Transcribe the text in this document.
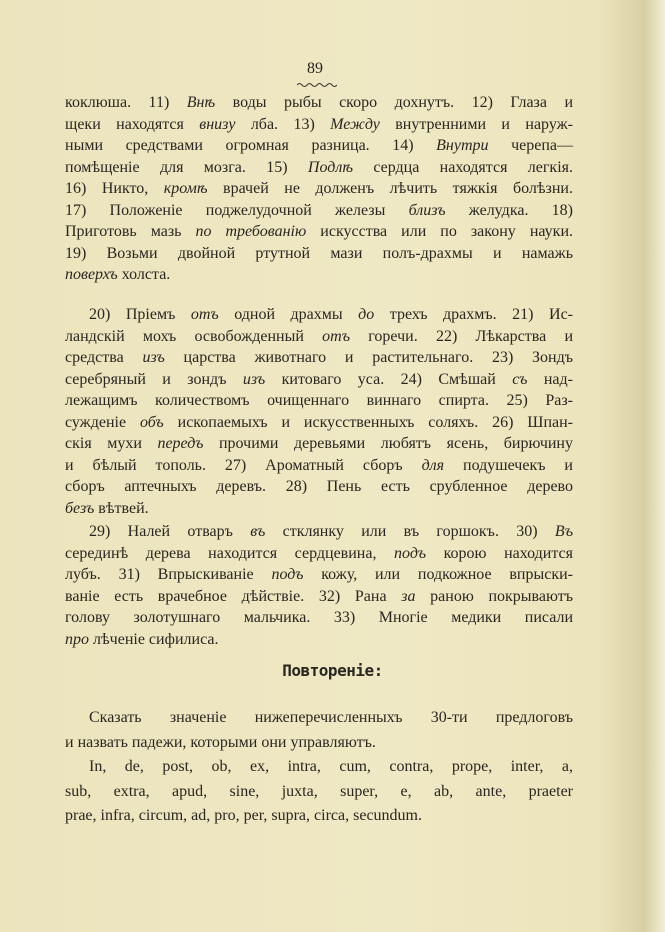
89
коклюша. 11) Внѣ воды рыбы скоро дохнутъ. 12) Глаза и
щеки находятся внизу лба. 13) Между внутренними и наруж-
ными средствами огромная разница. 14) Внутри черепа—
помѣщеніе для мозга. 15) Подлѣ сердца находятся легкія.
16) Никто, кромѣ врачей не долженъ лѣчить тяжкія болѣзни.
17) Положеніе поджелудочной железы близъ желудка. 18)
Приготовь мазь по требованію искусства или по закону науки.
19) Возьми двойной ртутной мази полъ-драхмы и намажь
поверхъ холста.
20) Пріемъ отъ одной драхмы до трехъ драхмъ. 21) Ис-
ландскій мохъ освобожденный отъ горечи. 22) Лѣкарства и
средства изъ царства животнаго и растительнаго. 23) Зондъ
серебряный и зондъ изъ китоваго уса. 24) Смѣшай съ над-
лежащимъ количествомъ очищеннаго виннаго спирта. 25) Раз-
сужденіе объ ископаемыхъ и искусственныхъ соляхъ. 26) Шпан-
скія мухи передъ прочими деревьями любятъ ясень, бирючину
и бѣлый тополь. 27) Ароматный сборъ для подушечекъ и
сборъ аптечныхъ деревъ. 28) Пень есть срубленное дерево
безъ вѣтвей.
29) Налей отваръ въ стклянку или въ горшокъ. 30) Въ
серединѣ дерева находится сердцевина, подъ корою находится
лубъ. 31) Впрыскиваніе подъ кожу, или подкожное впрыски-
ваніе есть врачебное дѣйствіе. 32) Рана за раною покрываютъ
голову золотушнаго мальчика. 33) Многіе медики писали
про лѣченіе сифилиса.
Повтореніе:
Сказать значеніе нижеперечисленныхъ 30-ти предлоговъ
и назвать падежи, которыми они управляютъ.
In, de, post, ob, ex, intra, cum, contra, prope, inter, a,
sub, extra, apud, sine, juxta, super, e, ab, ante, praeter
prae, infra, circum, ad, pro, per, supra, circa, secundum.
